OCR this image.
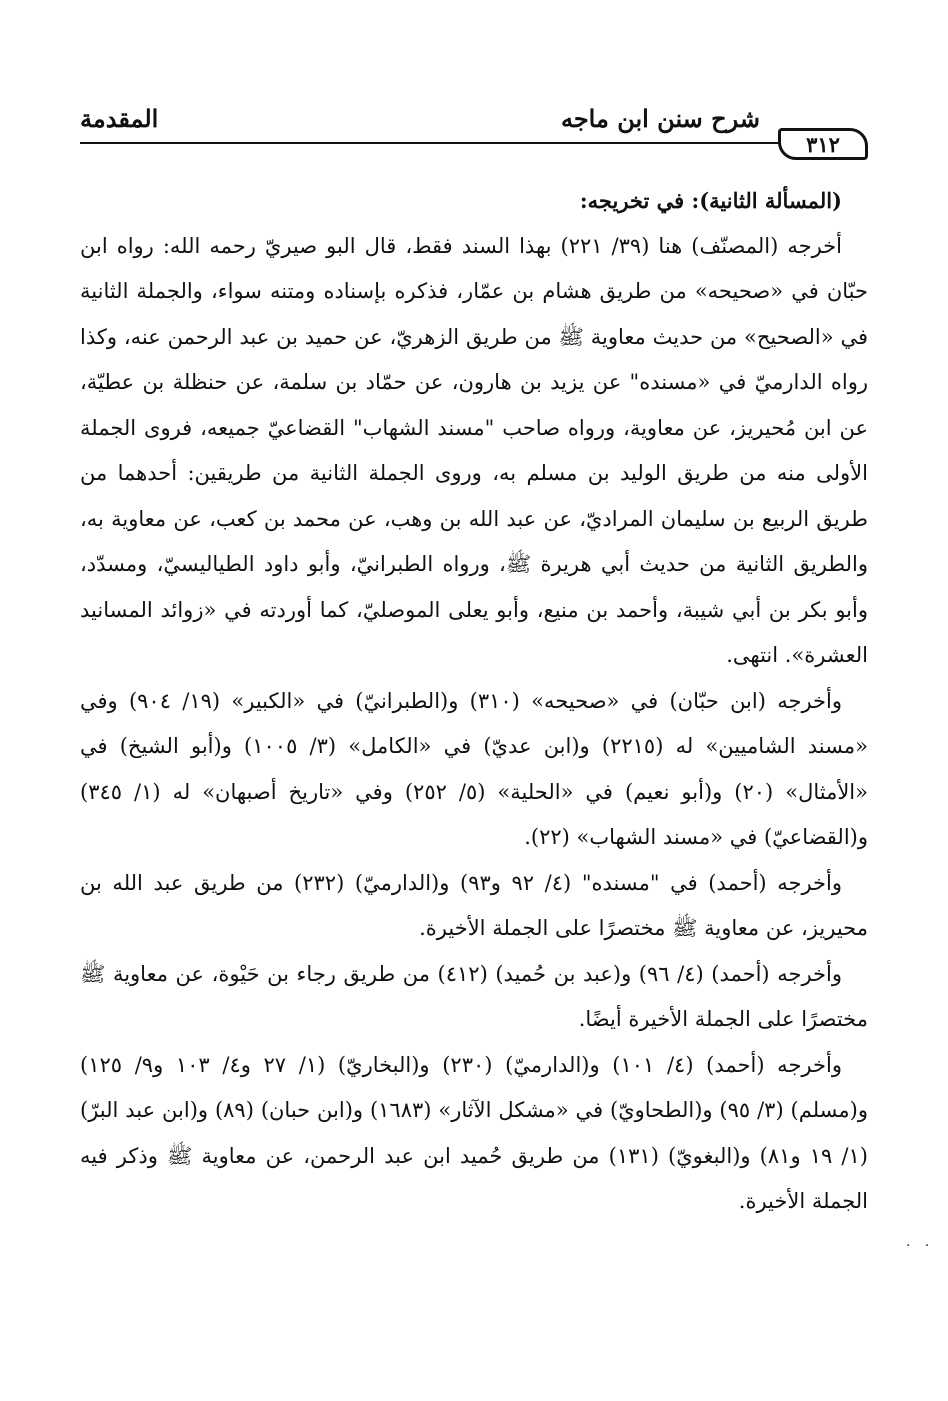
٣١٢
شرح سنن ابن ماجه
المقدمة

(المسألة الثانية): في تخريجه:

أخرجه (المصنّف) هنا (٣٩/ ٢٢١) بهذا السند فقط، قال البو صيريّ رحمه الله: رواه ابن حبّان في «صحيحه» من طريق هشام بن عمّار، فذكره بإسناده ومتنه سواء، والجملة الثانية في «الصحيح» من حديث معاوية ﷺ من طريق الزهريّ، عن حميد بن عبد الرحمن عنه، وكذا رواه الدارميّ في «مسنده" عن يزيد بن هارون، عن حمّاد بن سلمة، عن حنظلة بن عطيّة، عن ابن مُحيريز، عن معاوية، ورواه صاحب "مسند الشهاب" القضاعيّ جميعه، فروى الجملة الأولى منه من طريق الوليد بن مسلم به، وروى الجملة الثانية من طريقين: أحدهما من طريق الربيع بن سليمان المراديّ، عن عبد الله بن وهب، عن محمد بن كعب، عن معاوية به، والطريق الثانية من حديث أبي هريرة ﷺ، ورواه الطبرانيّ، وأبو داود الطياليسيّ، ومسدّد، وأبو بكر بن أبي شيبة، وأحمد بن منيع، وأبو يعلى الموصليّ، كما أوردته في «زوائد المسانيد العشرة». انتهى.

وأخرجه (ابن حبّان) في «صحيحه» (٣١٠) و(الطبرانيّ) في «الكبير» (١٩/ ٩٠٤) وفي «مسند الشاميين» له (٢٢١٥) و(ابن عديّ) في «الكامل» (٣/ ١٠٠٥) و(أبو الشيخ) في «الأمثال» (٢٠) و(أبو نعيم) في «الحلية» (٥/ ٢٥٢) وفي «تاريخ أصبهان» له (١/ ٣٤٥) و(القضاعيّ) في «مسند الشهاب» (٢٢).

وأخرجه (أحمد) في "مسنده" (٤/ ٩٢ و٩٣) و(الدارميّ) (٢٣٢) من طريق عبد الله بن محيريز، عن معاوية ﷺ مختصرًا على الجملة الأخيرة.

وأخرجه (أحمد) (٤/ ٩٦) و(عبد بن حُميد) (٤١٢) من طريق رجاء بن حَيْوة، عن معاوية ﷺ مختصرًا على الجملة الأخيرة أيضًا.

وأخرجه (أحمد) (٤/ ١٠١) و(الدارميّ) (٢٣٠) و(البخاريّ) (١/ ٢٧ و٤/ ١٠٣ و٩/ ١٢٥) و(مسلم) (٣/ ٩٥) و(الطحاويّ) في «مشكل الآثار» (١٦٨٣) و(ابن حبان) (٨٩) و(ابن عبد البرّ) (١/ ١٩ و٨١) و(البغويّ) (١٣١) من طريق حُميد ابن عبد الرحمن، عن معاوية ﷺ وذكر فيه الجملة الأخيرة.

· ·
